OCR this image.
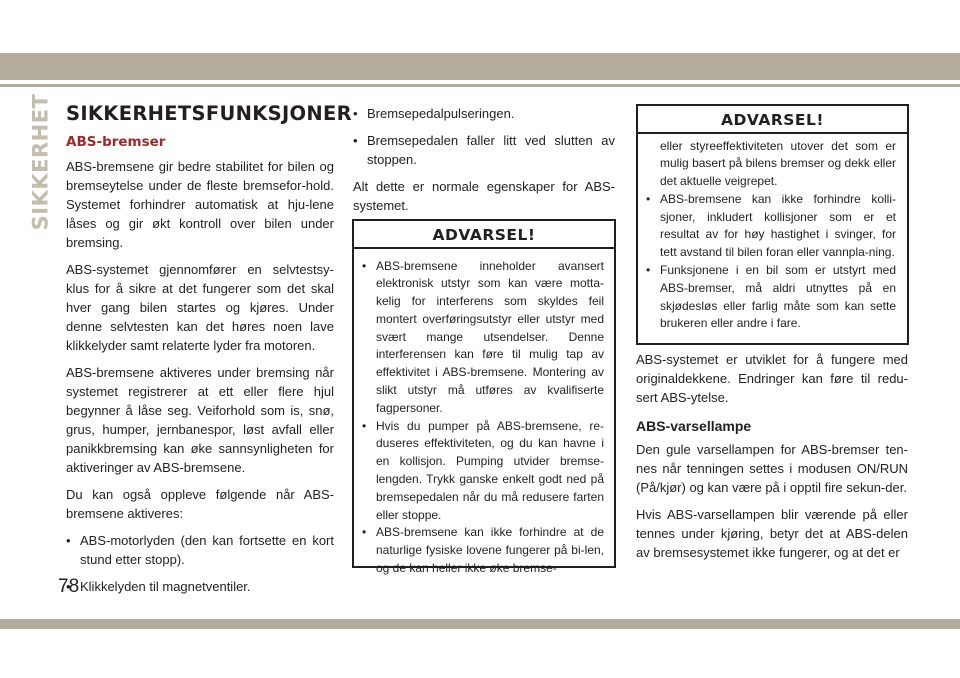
SIKKERHET SIKKERHETSFUNKSJONER
ABS-bremser

ABS-bremsene gir bedre stabilitet for bilen og bremseytelse under de fleste bremsefor-hold. Systemet forhindrer automatisk at hju-lene låses og gir økt kontroll over bilen under bremsing.

ABS-systemet gjennomfører en selvtestsy-klus for å sikre at det fungerer som det skal hver gang bilen startes og kjøres. Under denne selvtesten kan det høres noen lave klikkelyder samt relaterte lyder fra motoren.

ABS-bremsene aktiveres under bremsing når systemet registrerer at ett eller flere hjul begynner å låse seg. Veiforhold som is, snø, grus, humper, jernbanespor, løst avfall eller panikkbremsing kan øke sannsynligheten for aktiveringer av ABS-bremsene.

Du kan også oppleve følgende når ABS-bremsene aktiveres:

• ABS-motorlyden (den kan fortsette en kort stund etter stopp).
• Klikkelyden til magnetventiler.
• Bremsepedalpulseringen.
• Bremsepedalen faller litt ved slutten av stoppen.

Alt dette er normale egenskaper for ABS-systemet.

ADVARSEL!
• ABS-bremsene inneholder avansert elektronisk utstyr som kan være motta-kelig for interferens som skyldes feil montert overføringsutstyr eller utstyr med svært mange utsendelser. Denne interferensen kan føre til mulig tap av effektivitet i ABS-bremsene. Montering av slikt utstyr må utføres av kvalifiserte fagpersoner.
• Hvis du pumper på ABS-bremsene, re-duseres effektiviteten, og du kan havne i en kollisjon. Pumping utvider bremse-lengden. Trykk ganske enkelt godt ned på bremsepedalen når du må redusere farten eller stoppe.
• ABS-bremsene kan ikke forhindre at de naturlige fysiske lovene fungerer på bi-len, og de kan heller ikke øke bremse-
ADVARSEL!
eller styreeffektiviteten utover det som er mulig basert på bilens bremser og dekk eller det aktuelle veigrepet.
• ABS-bremsene kan ikke forhindre kolli-sjoner, inkludert kollisjoner som er et resultat av for høy hastighet i svinger, for tett avstand til bilen foran eller vannpla-ning.
• Funksjonene i en bil som er utstyrt med ABS-bremser, må aldri utnyttes på en skjødesløs eller farlig måte som kan sette brukeren eller andre i fare.

ABS-systemet er utviklet for å fungere med originaldekkene. Endringer kan føre til redu-sert ABS-ytelse.

ABS-varsellampe

Den gule varsellampen for ABS-bremser ten-nes når tenningen settes i modusen ON/RUN (På/kjør) og kan være på i opptil fire sekun-der.

Hvis ABS-varsellampen blir værende på eller tennes under kjøring, betyr det at ABS-delen av bremsesystemet ikke fungerer, og at det er

78
